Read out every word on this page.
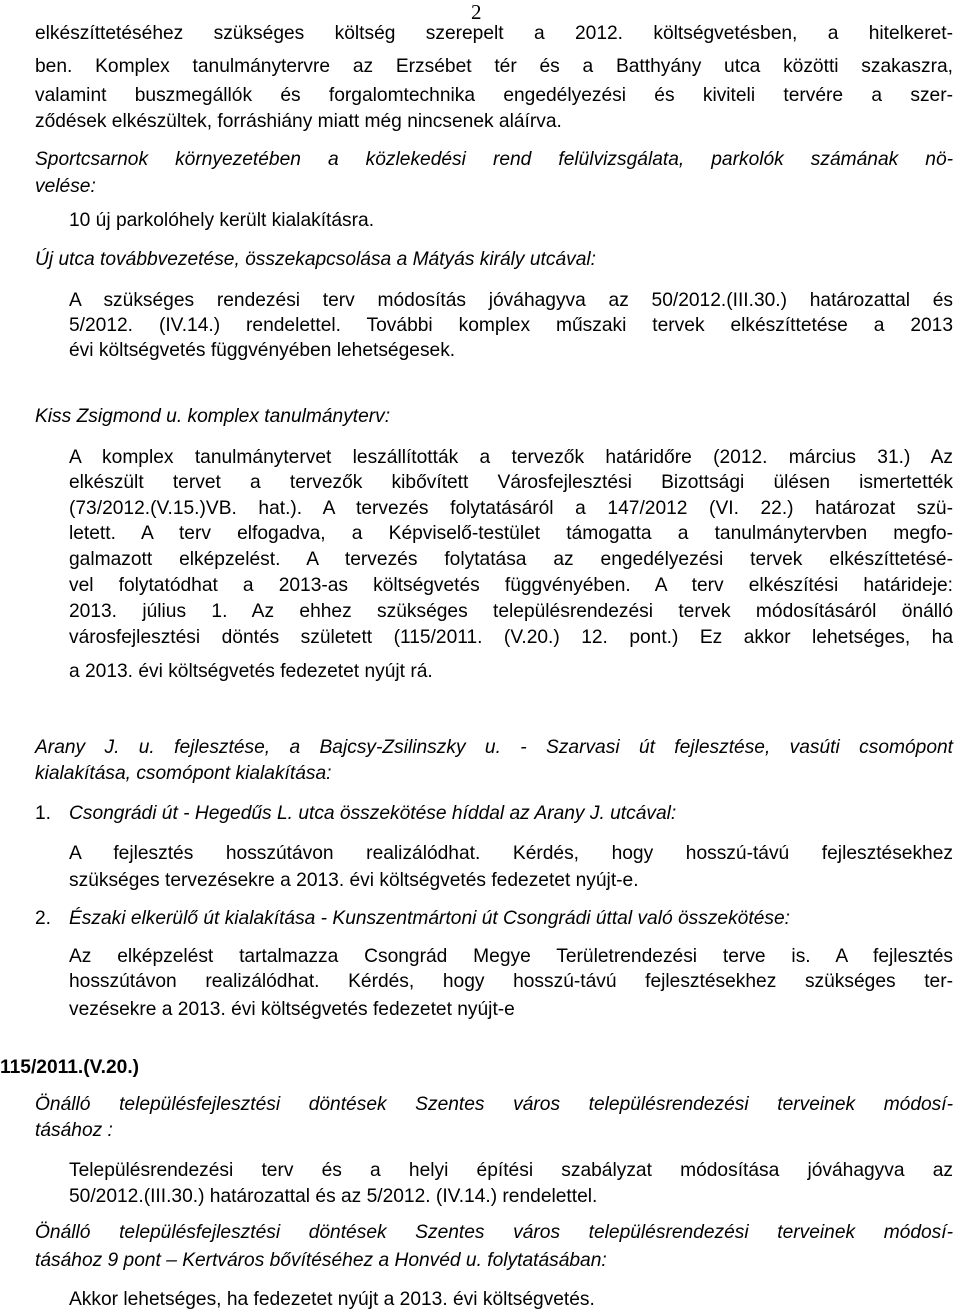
2
elkészíttetéséhez szükséges költség szerepelt a 2012. költségvetésben, a hitelkeret-
ben. Komplex tanulmánytervre az Erzsébet tér és a Batthyány utca közötti szakaszra,
valamint buszmegállók és forgalomtechnika engedélyezési és kiviteli tervére a szer-
ződések elkészültek, forráshiány miatt még nincsenek aláírva.
Sportcsarnok környezetében a közlekedési rend felülvizsgálata, parkolók számának nö-
velése:
10 új parkolóhely került kialakításra.
Új utca továbbvezetése, összekapcsolása a Mátyás király utcával:
A szükséges rendezési terv módosítás jóváhagyva az 50/2012.(III.30.) határozattal és
5/2012. (IV.14.) rendelettel. További komplex műszaki tervek elkészíttetése a 2013
évi költségvetés függvényében lehetségesek.
Kiss Zsigmond u. komplex tanulmányterv:
A komplex tanulmánytervet leszállították a tervezők határidőre (2012. március 31.) Az
elkészült tervet a tervezők kibővített Városfejlesztési Bizottsági ülésen ismertették
(73/2012.(V.15.)VB. hat.). A tervezés folytatásáról a 147/2012 (VI. 22.) határozat szü-
letett. A terv elfogadva, a Képviselő-testület támogatta a tanulmánytervben megfo-
galmazott elképzelést. A tervezés folytatása az engedélyezési tervek elkészíttetésé-
vel folytatódhat a 2013-as költségvetés függvényében. A terv elkészítési határideje:
2013. július 1. Az ehhez szükséges településrendezési tervek módosításáról önálló
városfejlesztési döntés született (115/2011. (V.20.) 12. pont.) Ez akkor lehetséges, ha
a 2013. évi költségvetés fedezetet nyújt rá.
Arany J. u. fejlesztése, a Bajcsy-Zsilinszky u. - Szarvasi út fejlesztése, vasúti csomópont
kialakítása, csomópont kialakítása:
1. Csongrádi út - Hegedűs L. utca összekötése híddal az Arany J. utcával:
A fejlesztés hosszútávon realizálódhat. Kérdés, hogy hosszú-távú fejlesztésekhez
szükséges tervezésekre a 2013. évi költségvetés fedezetet nyújt-e.
2. Északi elkerülő út kialakítása - Kunszentmártoni út Csongrádi úttal való összekötése:
Az elképzelést tartalmazza Csongrád Megye Területrendezési terve is. A fejlesztés
hosszútávon realizálódhat. Kérdés, hogy hosszú-távú fejlesztésekhez szükséges ter-
vezésekre a 2013. évi költségvetés fedezetet nyújt-e
115/2011.(V.20.)
Önálló településfejlesztési döntések Szentes város településrendezési terveinek módosí-
tásához :
Településrendezési terv és a helyi építési szabályzat módosítása jóváhagyva az
50/2012.(III.30.) határozattal és az 5/2012. (IV.14.) rendelettel.
Önálló településfejlesztési döntések Szentes város településrendezési terveinek módosí-
tásához 9 pont – Kertváros bővítéséhez a Honvéd u. folytatásában:
Akkor lehetséges, ha fedezetet nyújt a 2013. évi költségvetés.
